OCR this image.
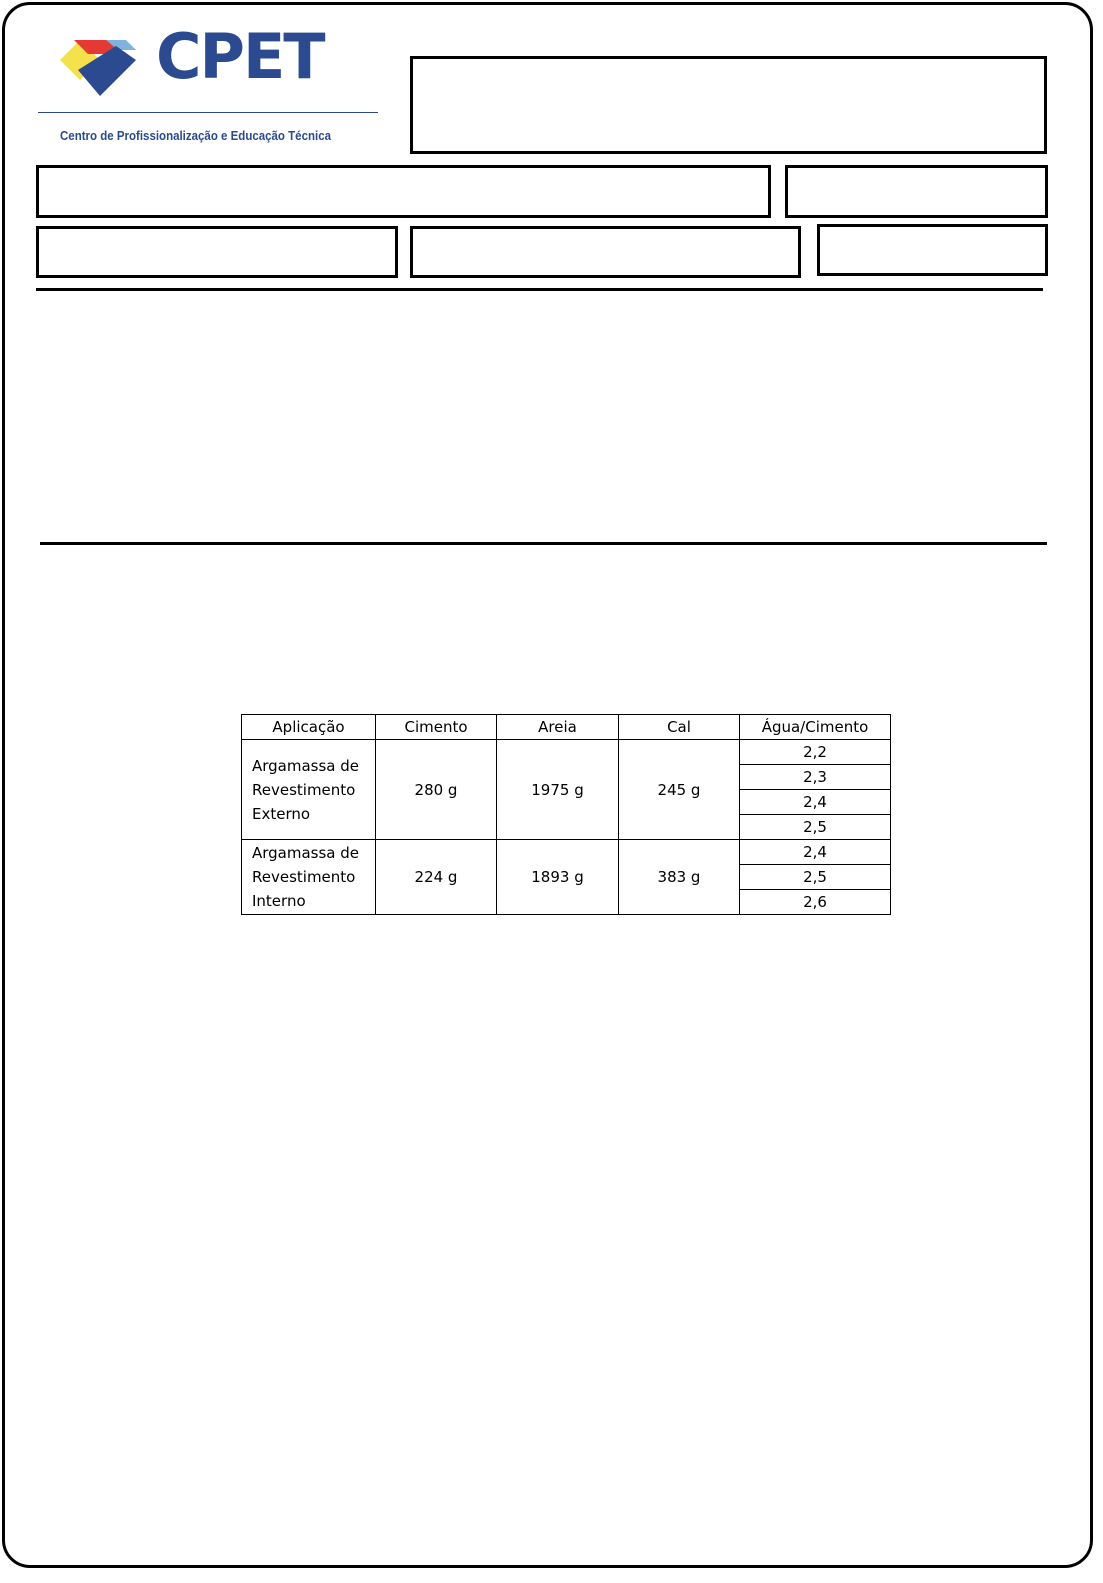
CPET
Centro de Profissionalização e Educação Técnica
Aplicação	Cimento	Areia	Cal	Água/Cimento
Argamassa de Revestimento Externo	280 g	1975 g	245 g	2,2
				2,3
				2,4
				2,5
Argamassa de Revestimento Interno	224 g	1893 g	383 g	2,4
				2,5
				2,6
